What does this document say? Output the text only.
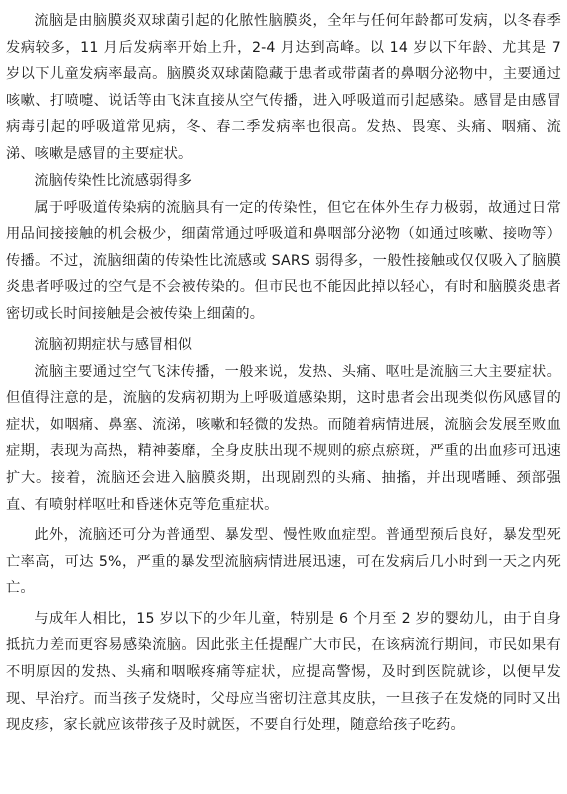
流脑是由脑膜炎双球菌引起的化脓性脑膜炎，全年与任何年龄都可发病，以冬春季发病较多，11 月后发病率开始上升，2-4 月达到高峰。以 14 岁以下年龄、尤其是 7 岁以下儿童发病率最高。脑膜炎双球菌隐藏于患者或带菌者的鼻咽分泌物中，主要通过咳嗽、打喷嚏、说话等由飞沫直接从空气传播，进入呼吸道而引起感染。感冒是由感冒病毒引起的呼吸道常见病，冬、春二季发病率也很高。发热、畏寒、头痛、咽痛、流涕、咳嗽是感冒的主要症状。

流脑传染性比流感弱得多

属于呼吸道传染病的流脑具有一定的传染性，但它在体外生存力极弱，故通过日常用品间接接触的机会极少，细菌常通过呼吸道和鼻咽部分泌物（如通过咳嗽、接吻等）传播。不过，流脑细菌的传染性比流感或 SARS 弱得多，一般性接触或仅仅吸入了脑膜炎患者呼吸过的空气是不会被传染的。但市民也不能因此掉以轻心，有时和脑膜炎患者密切或长时间接触是会被传染上细菌的。

流脑初期症状与感冒相似

流脑主要通过空气飞沫传播，一般来说，发热、头痛、呕吐是流脑三大主要症状。但值得注意的是，流脑的发病初期为上呼吸道感染期，这时患者会出现类似伤风感冒的症状，如咽痛、鼻塞、流涕，咳嗽和轻微的发热。而随着病情进展，流脑会发展至败血症期，表现为高热，精神萎靡，全身皮肤出现不规则的瘀点瘀斑，严重的出血疹可迅速扩大。接着，流脑还会进入脑膜炎期，出现剧烈的头痛、抽搐，并出现嗜睡、颈部强直、有喷射样呕吐和昏迷休克等危重症状。

此外，流脑还可分为普通型、暴发型、慢性败血症型。普通型预后良好，暴发型死亡率高，可达 5%，严重的暴发型流脑病情进展迅速，可在发病后几小时到一天之内死亡。

与成年人相比，15 岁以下的少年儿童，特别是 6 个月至 2 岁的婴幼儿，由于自身抵抗力差而更容易感染流脑。因此张主任提醒广大市民，在该病流行期间，市民如果有不明原因的发热、头痛和咽喉疼痛等症状，应提高警惕，及时到医院就诊，以便早发现、早治疗。而当孩子发烧时，父母应当密切注意其皮肤，一旦孩子在发烧的同时又出现皮疹，家长就应该带孩子及时就医，不要自行处理，随意给孩子吃药。
